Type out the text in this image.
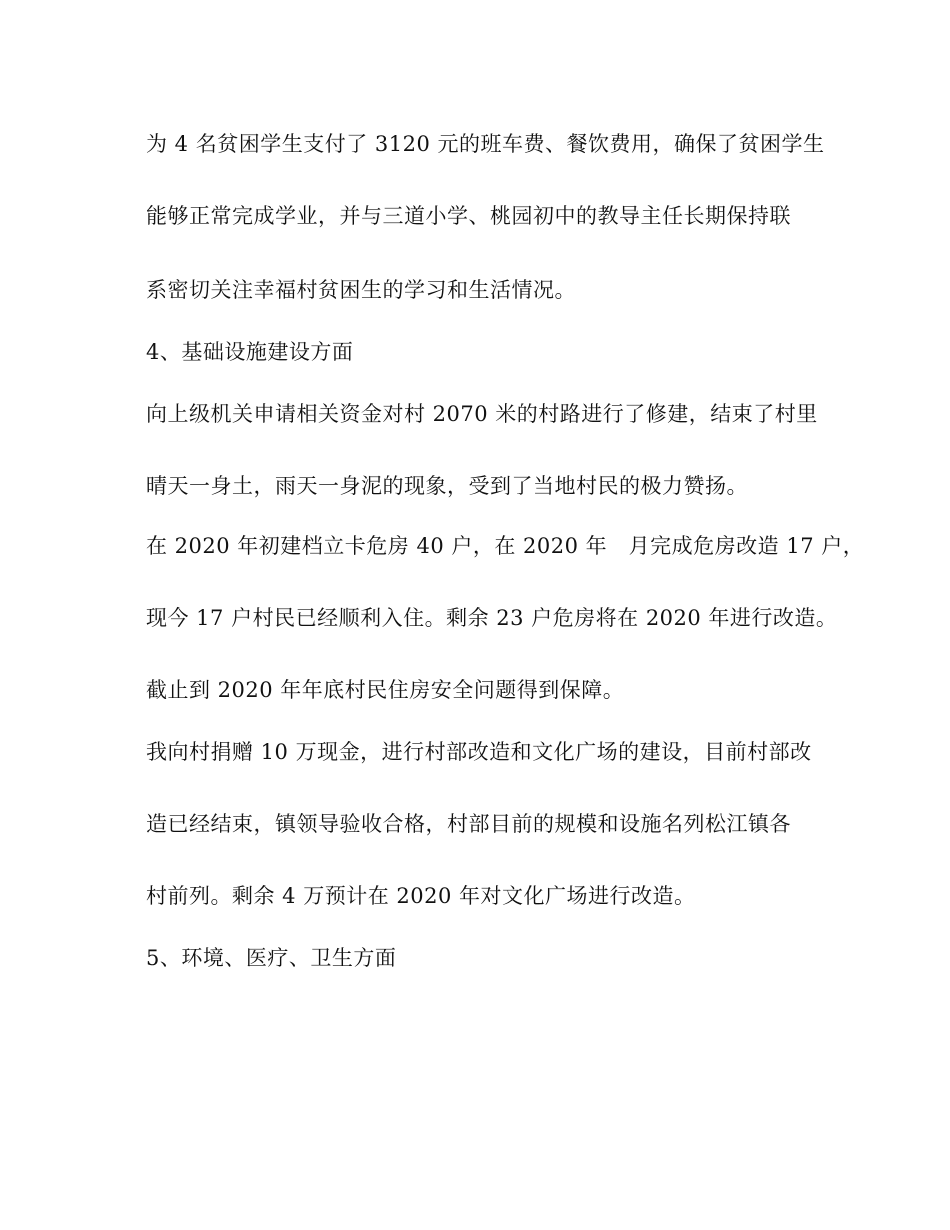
为 4 名贫困学生支付了 3120 元的班车费、餐饮费用，确保了贫困学生
能够正常完成学业，并与三道小学、桃园初中的教导主任长期保持联
系密切关注幸福村贫困生的学习和生活情况。
4、基础设施建设方面
向上级机关申请相关资金对村 2070 米的村路进行了修建，结束了村里
晴天一身土，雨天一身泥的现象，受到了当地村民的极力赞扬。
在 2020 年初建档立卡危房 40 户，在 2020 年　月完成危房改造 17 户，
现今 17 户村民已经顺利入住。剩余 23 户危房将在 2020 年进行改造。
截止到 2020 年年底村民住房安全问题得到保障。
我向村捐赠 10 万现金，进行村部改造和文化广场的建设，目前村部改
造已经结束，镇领导验收合格，村部目前的规模和设施名列松江镇各
村前列。剩余 4 万预计在 2020 年对文化广场进行改造。
5、环境、医疗、卫生方面
